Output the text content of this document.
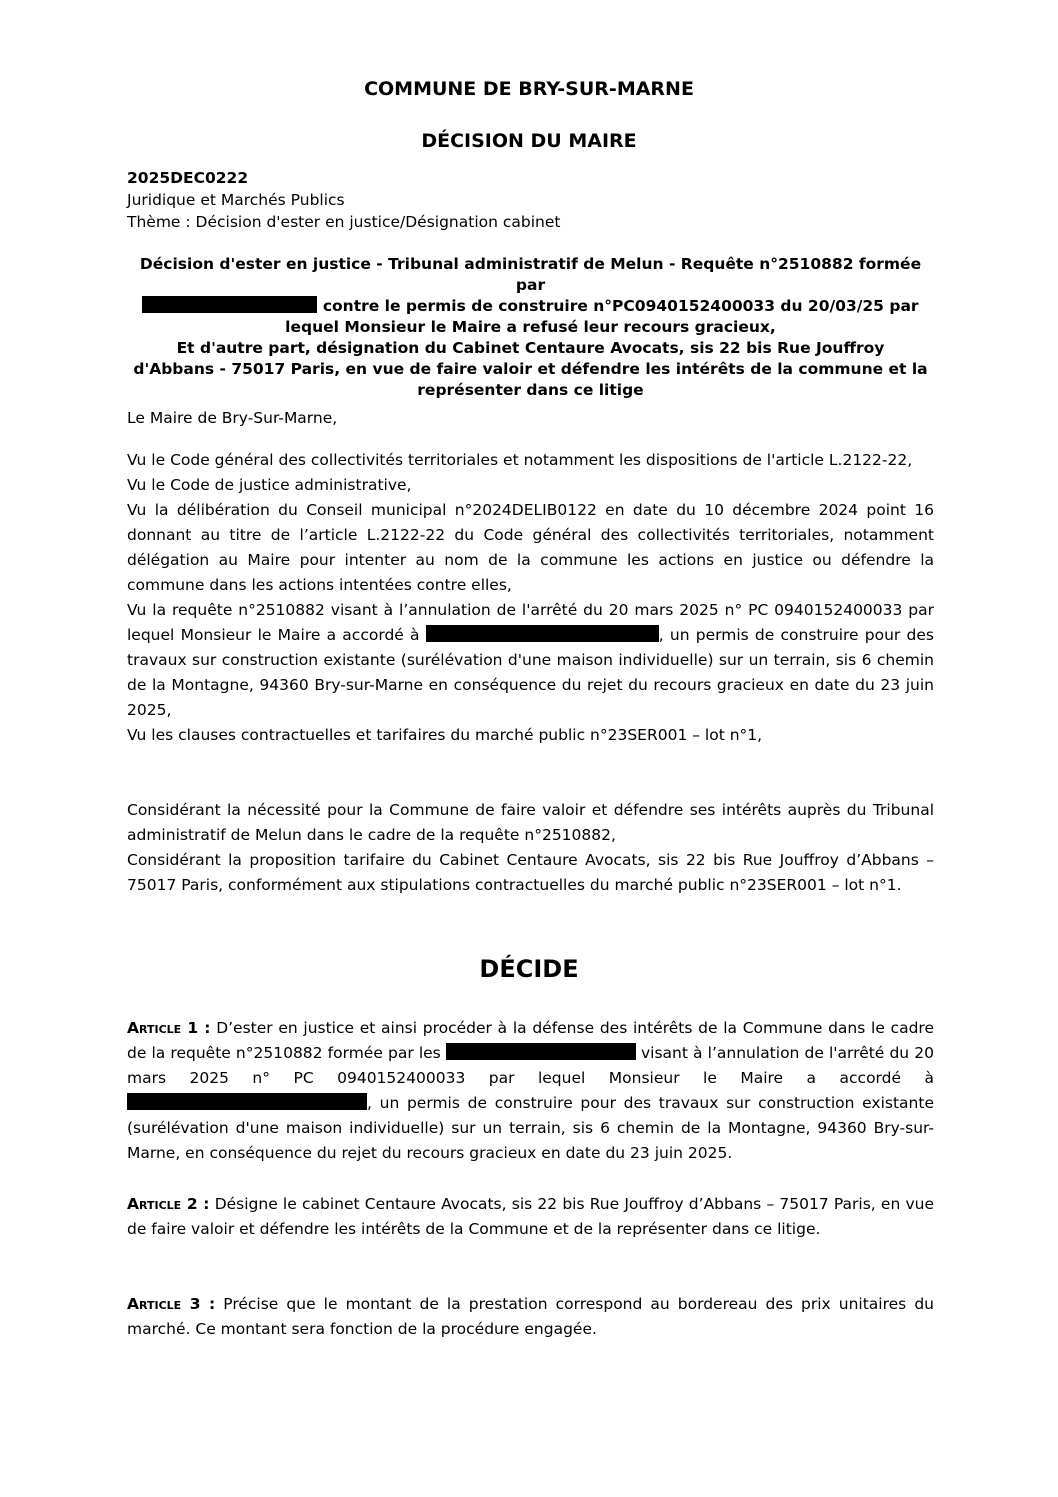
COMMUNE DE BRY-SUR-MARNE
DÉCISION DU MAIRE
2025DEC0222
Juridique et Marchés Publics
Thème : Décision d'ester en justice/Désignation cabinet
Décision d'ester en justice - Tribunal administratif de Melun - Requête n°2510882 formée par
contre le permis de construire n°PC0940152400033 du 20/03/25 par
lequel Monsieur le Maire a refusé leur recours gracieux,
Et d'autre part, désignation du Cabinet Centaure Avocats, sis 22 bis Rue Jouffroy
d'Abbans - 75017 Paris, en vue de faire valoir et défendre les intérêts de la commune et la
représenter dans ce litige

Le Maire de Bry-Sur-Marne,

Vu le Code général des collectivités territoriales et notamment les dispositions de l'article L.2122-22,

Vu le Code de justice administrative,

Vu la délibération du Conseil municipal n°2024DELIB0122 en date du 10 décembre 2024 point 16 donnant au titre de l’article L.2122-22 du Code général des collectivités territoriales, notamment délégation au Maire pour intenter au nom de la commune les actions en justice ou défendre la commune dans les actions intentées contre elles,

Vu la requête n°2510882 visant à l’annulation de l'arrêté du 20 mars 2025 n° PC 0940152400033 par lequel Monsieur le Maire a accordé à	, un permis de construire pour des travaux sur construction existante (surélévation d'une maison individuelle) sur un terrain, sis 6 chemin de la Montagne, 94360 Bry-sur-Marne en conséquence du rejet du recours gracieux en date du 23 juin 2025,

Vu les clauses contractuelles et tarifaires du marché public n°23SER001 – lot n°1,

Considérant la nécessité pour la Commune de faire valoir et défendre ses intérêts auprès du Tribunal administratif de Melun dans le cadre de la requête n°2510882,

Considérant la proposition tarifaire du Cabinet Centaure Avocats, sis 22 bis Rue Jouffroy d’Abbans – 75017 Paris, conformément aux stipulations contractuelles du marché public n°23SER001 – lot n°1.

DÉCIDE

Article 1 : D’ester en justice et ainsi procéder à la défense des intérêts de la Commune dans le cadre de la requête n°2510882 formée par les	visant à l’annulation de l'arrêté du 20 mars 2025 n° PC 0940152400033 par lequel Monsieur le Maire a accordé à , un permis de construire pour des travaux sur construction existante (surélévation d'une maison individuelle) sur un terrain, sis 6 chemin de la Montagne, 94360 Bry-sur-Marne, en conséquence du rejet du recours gracieux en date du 23 juin 2025.

Article 2 : Désigne le cabinet Centaure Avocats, sis 22 bis Rue Jouffroy d’Abbans – 75017 Paris, en vue de faire valoir et défendre les intérêts de la Commune et de la représenter dans ce litige.

Article 3 : Précise que le montant de la prestation correspond au bordereau des prix unitaires du marché. Ce montant sera fonction de la procédure engagée.
